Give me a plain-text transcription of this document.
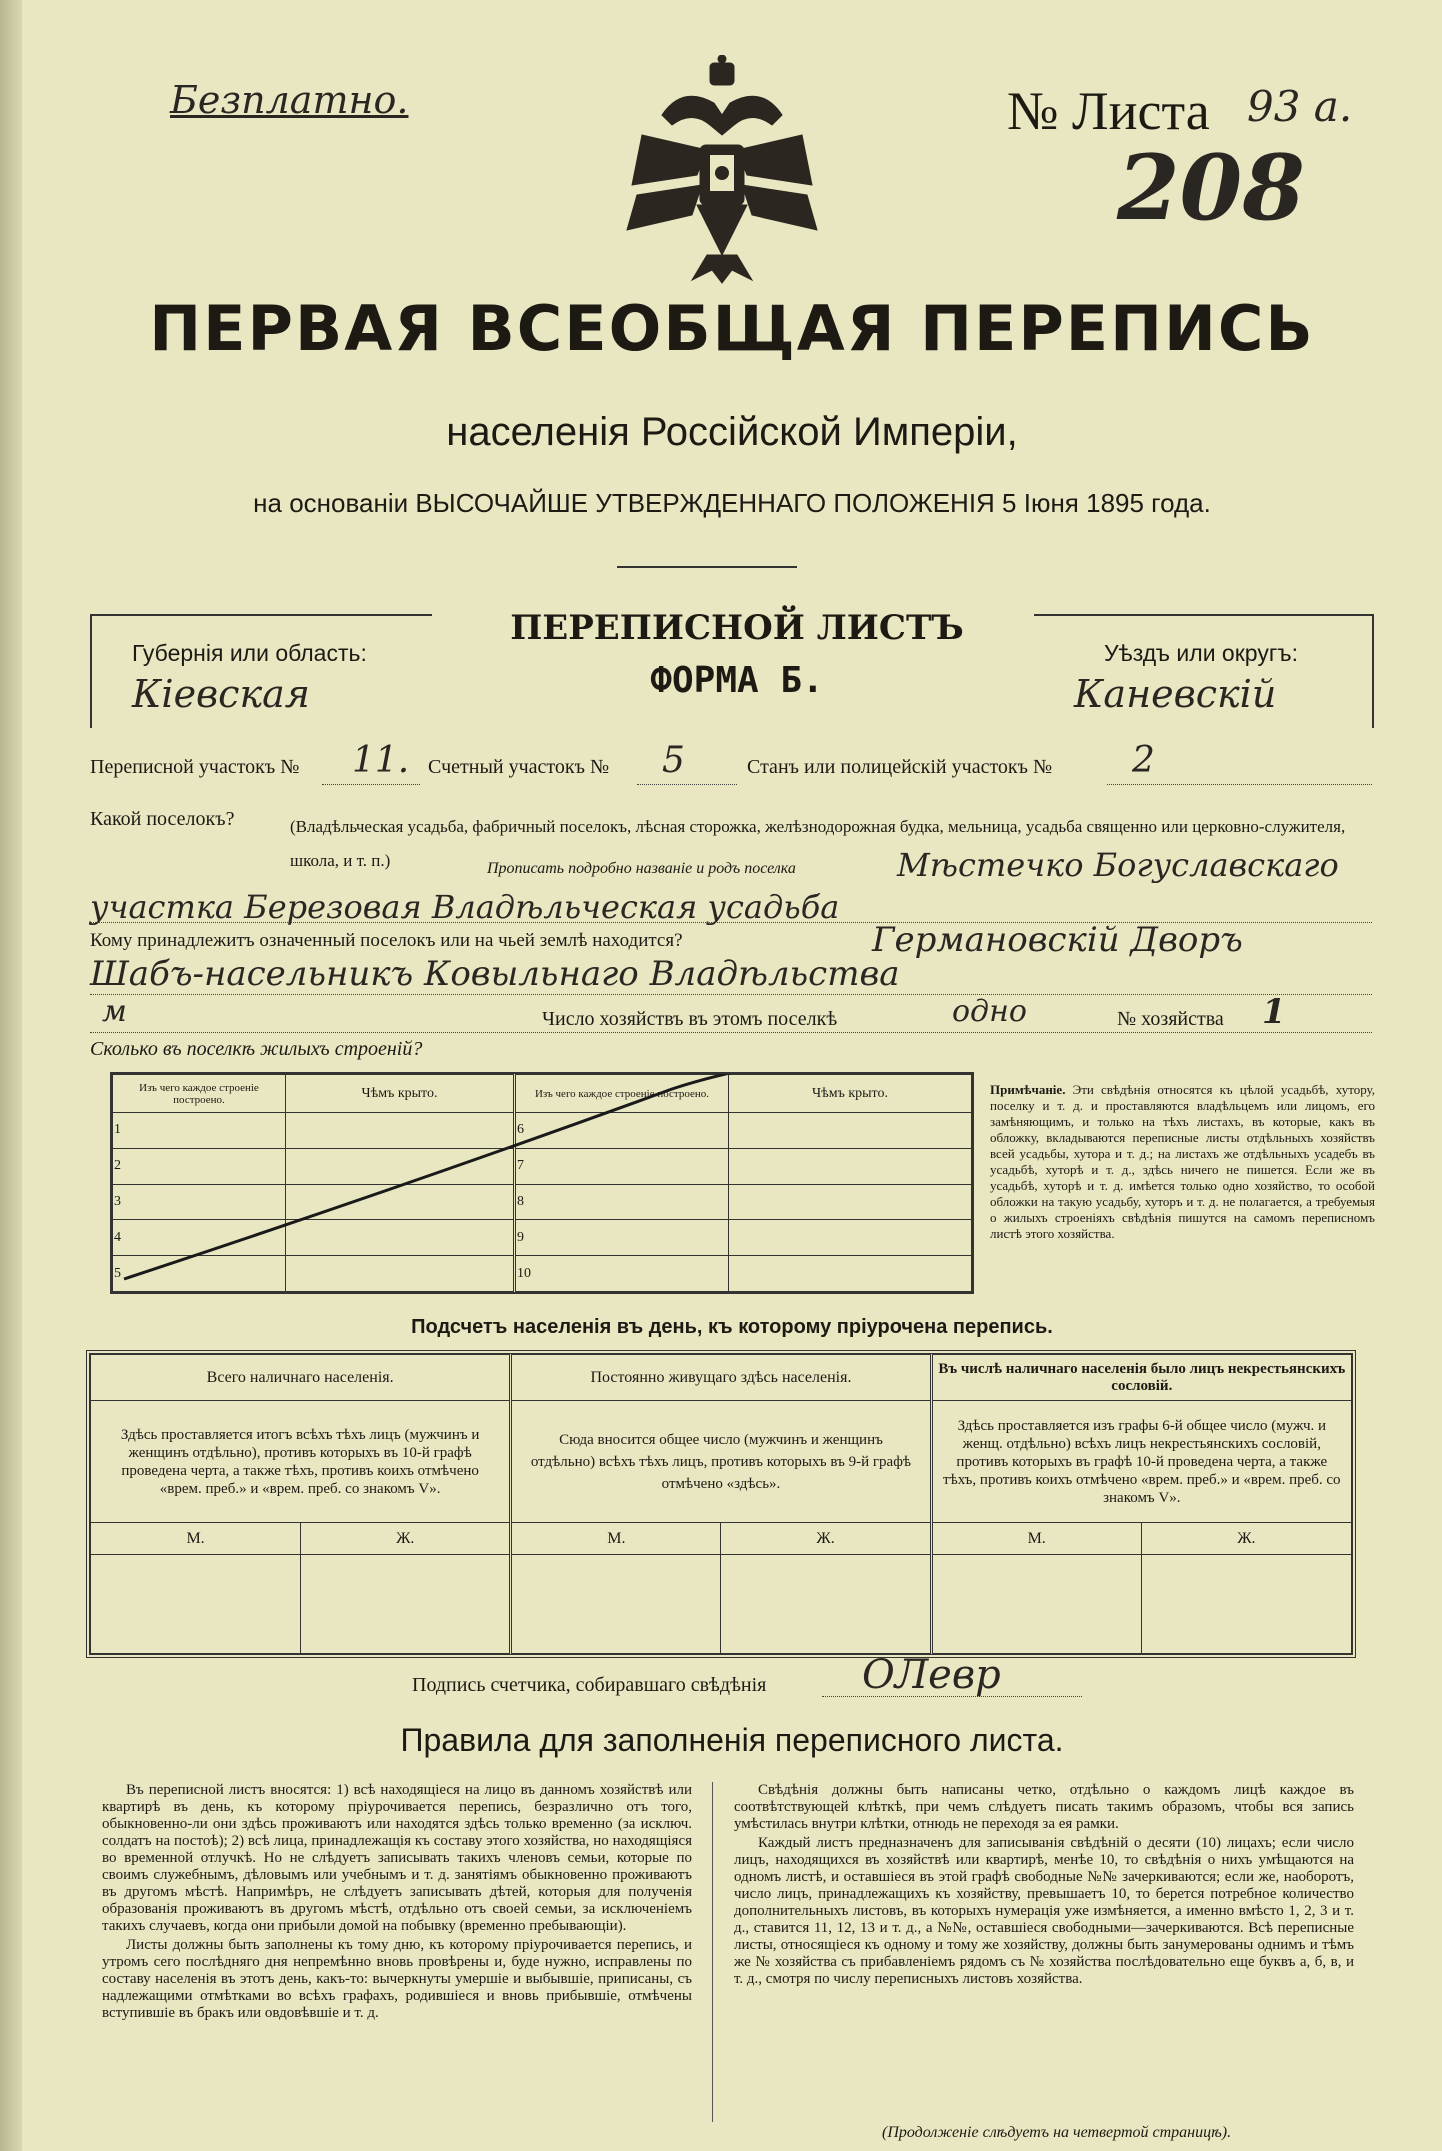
Безплатно.	№ Листа 93 а.
208
ПЕРВАЯ ВСЕОБЩАЯ ПЕРЕПИСЬ
населенія Россійской Имперіи,
на основаніи ВЫСОЧАЙШЕ УТВЕРЖДЕННАГО ПОЛОЖЕНІЯ 5 Іюня 1895 года.
Губернія или область:
Кіевская
ПЕРЕПИСНОЙ ЛИСТЪ
ФОРМА Б.
Уѣздъ или округъ:
Каневскій
Переписной участокъ № 11. Счетный участокъ № 5	Станъ или полицейскій участокъ № 2
Какой поселокъ?	(Владѣльческая усадьба, фабричный поселокъ, лѣсная сторожка, желѣзнодорожная будка, мельница, усадьба священно или церковно-служителя, школа, и т. п.)	Прописать подробно названіе и родъ поселка	Мѣстечко Богуславскаго
участка Березовая Владѣльческая усадьба
Кому принадлежитъ означенный поселокъ или на чьей землѣ находится?	Германовскій Дворъ
Шабъ-насельникъ Ковыльнаго Владѣльства
м	Число хозяйствъ въ этомъ поселкѣ	одно	№ хозяйства 1
Сколько въ поселкѣ жилыхъ строеній?
Изъ чего каждое строеніе построено.	Чѣмъ крыто.	Изъ чего каждое строеніе построено.	Чѣмъ крыто.
1		6	
2		7	
3		8	
4		9	
5		10	
Примѣчаніе. Эти свѣдѣнія относятся къ цѣлой усадьбѣ, хутору, поселку и т. д. и проставляются владѣльцемъ или лицомъ, его замѣняющимъ, и только на тѣхъ листахъ, въ которые, какъ въ обложку, вкладываются переписные листы отдѣльныхъ хозяйствъ всей усадьбы, хутора и т. д.; на листахъ же отдѣльныхъ усадебъ въ усадьбѣ, хуторѣ и т. д., здѣсь ничего не пишется. Если же въ усадьбѣ, хуторѣ и т. д. имѣется только одно хозяйство, то особой обложки на такую усадьбу, хуторъ и т. д. не полагается, а требуемыя о жилыхъ строеніяхъ свѣдѣнія пишутся на самомъ переписномъ листѣ этого хозяйства.
Подсчетъ населенія въ день, къ которому пріурочена перепись.
Всего наличнаго населенія.		Постоянно живущаго здѣсь населенія.		Въ числѣ наличнаго населенія было лицъ некрестьянскихъ сословій.	
Здѣсь проставляется итогъ всѣхъ тѣхъ лицъ (мужчинъ и женщинъ отдѣльно), противъ которыхъ въ 10-й графѣ проведена черта, а также тѣхъ, противъ коихъ отмѣчено «врем. преб.» и «врем. преб. со знакомъ V».		Сюда вносится общее число (мужчинъ и женщинъ отдѣльно) всѣхъ тѣхъ лицъ, противъ которыхъ въ 9-й графѣ отмѣчено «здѣсь».		Здѣсь проставляется изъ графы 6-й общее число (мужч. и женщ. отдѣльно) всѣхъ лицъ некрестьянскихъ сословій, противъ которыхъ въ графѣ 10-й проведена черта, а также тѣхъ, противъ коихъ отмѣчено «врем. преб.» и «врем. преб. со знакомъ V».	
М.	Ж.	М.	Ж.	М.	Ж.

Подпись счетчика, собиравшаго свѣдѣнія ОЛевр
Правила для заполненія переписного листа.

Въ переписной листъ вносятся: 1) всѣ находящіеся на лицо въ данномъ хозяйствѣ или квартирѣ въ день, къ которому пріурочивается перепись, безразлично отъ того, обыкновенно-ли они здѣсь проживаютъ или находятся здѣсь только временно (за исключ. солдатъ на постоѣ); 2) всѣ лица, принадлежащія къ составу этого хозяйства, но находящіяся во временной отлучкѣ. Но не слѣдуетъ записывать такихъ членовъ семьи, которые по своимъ служебнымъ, дѣловымъ или учебнымъ и т. д. занятіямъ обыкновенно проживаютъ въ другомъ мѣстѣ. Напримѣръ, не слѣдуетъ записывать дѣтей, которыя для полученія образованія проживаютъ въ другомъ мѣстѣ, отдѣльно отъ своей семьи, за исключеніемъ такихъ случаевъ, когда они прибыли домой на побывку (временно пребывающіи).

Листы должны быть заполнены къ тому дню, къ которому пріурочивается перепись, и утромъ сего послѣдняго дня непремѣнно вновь провѣрены и, буде нужно, исправлены по составу населенія въ этотъ день, какъ-то: вычеркнуты умершіе и выбывшіе, приписаны, съ надлежащими отмѣтками во всѣхъ графахъ, родившіеся и вновь прибывшіе, отмѣчены вступившіе въ бракъ или овдовѣвшіе и т. д.

Свѣдѣнія должны быть написаны четко, отдѣльно о каждомъ лицѣ каждое въ соотвѣтствующей клѣткѣ, при чемъ слѣдуетъ писать такимъ образомъ, чтобы вся запись умѣстилась внутри клѣтки, отнюдь не переходя за ея рамки.

Каждый листъ предназначенъ для записыванія свѣдѣній о десяти (10) лицахъ; если число лицъ, находящихся въ хозяйствѣ или квартирѣ, менѣе 10, то свѣдѣнія о нихъ умѣщаются на одномъ листѣ, и оставшіеся въ этой графѣ свободные №№ зачеркиваются; если же, наоборотъ, число лицъ, принадлежащихъ къ хозяйству, превышаетъ 10, то берется потребное количество дополнительныхъ листовъ, въ которыхъ нумерація уже измѣняется, а именно вмѣсто 1, 2, 3 и т. д., ставится 11, 12, 13 и т. д., а №№, оставшіеся свободными—зачеркиваются. Всѣ переписные листы, относящіеся къ одному и тому же хозяйству, должны быть занумерованы однимъ и тѣмъ же № хозяйства съ прибавленіемъ рядомъ съ № хозяйства послѣдовательно еще буквъ а, б, в, и т. д., смотря по числу переписныхъ листовъ хозяйства.

(Продолженіе слѣдуетъ на четвертой страницѣ).
